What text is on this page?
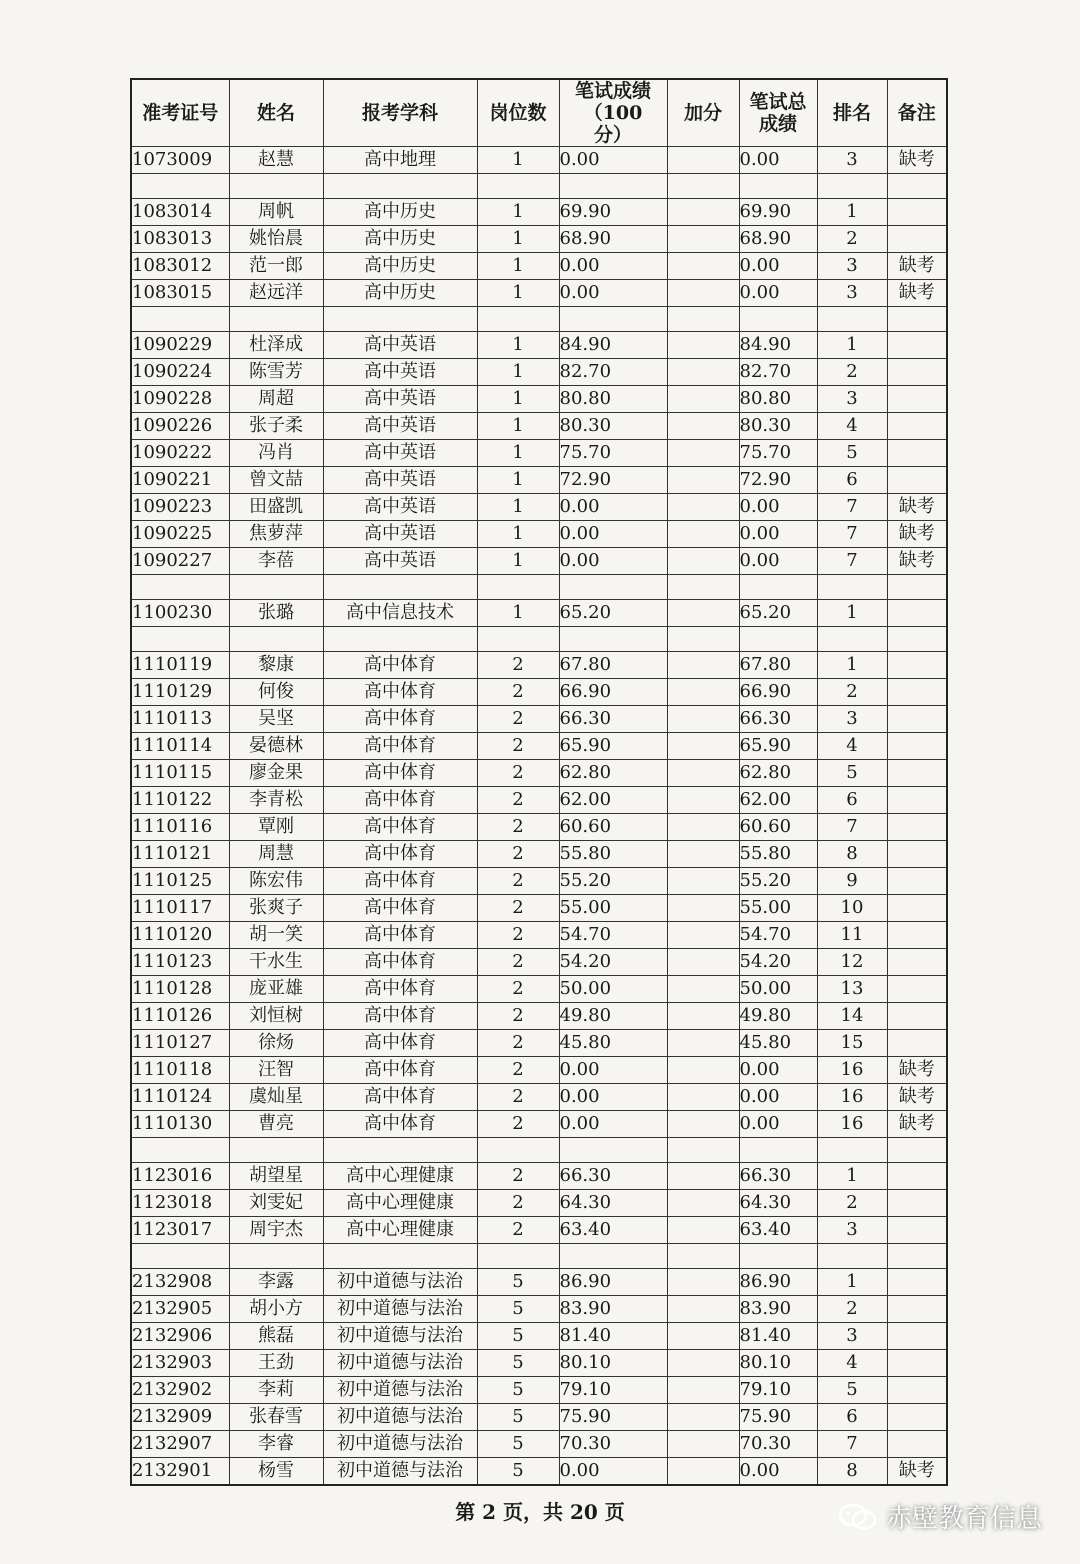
准考证号	姓名	报考学科	岗位数	笔试成绩（100分）	加分	笔试总成绩	排名	备注
1073009	赵慧	高中地理	1	0.00		0.00	3	缺考

1083014	周帆	高中历史	1	69.90		69.90	1	
1083013	姚怡晨	高中历史	1	68.90		68.90	2	
1083012	范一郎	高中历史	1	0.00		0.00	3	缺考
1083015	赵远洋	高中历史	1	0.00		0.00	3	缺考

1090229	杜泽成	高中英语	1	84.90		84.90	1	
1090224	陈雪芳	高中英语	1	82.70		82.70	2	
1090228	周超	高中英语	1	80.80		80.80	3	
1090226	张子柔	高中英语	1	80.30		80.30	4	
1090222	冯肖	高中英语	1	75.70		75.70	5	
1090221	曾文喆	高中英语	1	72.90		72.90	6	
1090223	田盛凯	高中英语	1	0.00		0.00	7	缺考
1090225	焦萝萍	高中英语	1	0.00		0.00	7	缺考
1090227	李蓓	高中英语	1	0.00		0.00	7	缺考

1100230	张璐	高中信息技术	1	65.20		65.20	1	

1110119	黎康	高中体育	2	67.80		67.80	1	
1110129	何俊	高中体育	2	66.90		66.90	2	
1110113	吴坚	高中体育	2	66.30		66.30	3	
1110114	晏德林	高中体育	2	65.90		65.90	4	
1110115	廖金果	高中体育	2	62.80		62.80	5	
1110122	李青松	高中体育	2	62.00		62.00	6	
1110116	覃刚	高中体育	2	60.60		60.60	7	
1110121	周慧	高中体育	2	55.80		55.80	8	
1110125	陈宏伟	高中体育	2	55.20		55.20	9	
1110117	张爽子	高中体育	2	55.00		55.00	10	
1110120	胡一笑	高中体育	2	54.70		54.70	11	
1110123	干水生	高中体育	2	54.20		54.20	12	
1110128	庞亚雄	高中体育	2	50.00		50.00	13	
1110126	刘恒树	高中体育	2	49.80		49.80	14	
1110127	徐炀	高中体育	2	45.80		45.80	15	
1110118	汪智	高中体育	2	0.00		0.00	16	缺考
1110124	虞灿星	高中体育	2	0.00		0.00	16	缺考
1110130	曹亮	高中体育	2	0.00		0.00	16	缺考

1123016	胡望星	高中心理健康	2	66.30		66.30	1	
1123018	刘雯妃	高中心理健康	2	64.30		64.30	2	
1123017	周宇杰	高中心理健康	2	63.40		63.40	3	

2132908	李露	初中道德与法治	5	86.90		86.90	1	
2132905	胡小方	初中道德与法治	5	83.90		83.90	2	
2132906	熊磊	初中道德与法治	5	81.40		81.40	3	
2132903	王劲	初中道德与法治	5	80.10		80.10	4	
2132902	李莉	初中道德与法治	5	79.10		79.10	5	
2132909	张春雪	初中道德与法治	5	75.90		75.90	6	
2132907	李睿	初中道德与法治	5	70.30		70.30	7	
2132901	杨雪	初中道德与法治	5	0.00		0.00	8	缺考
第 2 页，共 20 页	赤壁教育信息
